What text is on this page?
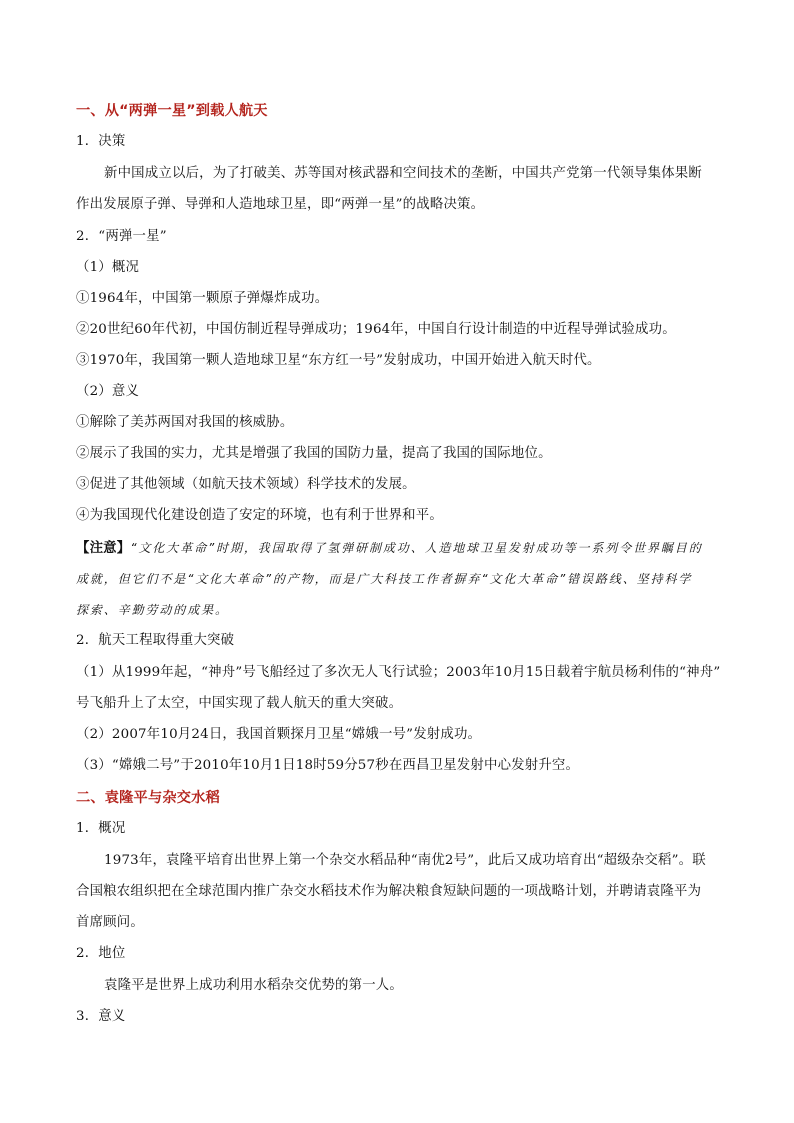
一、从“两弹一星”到载人航天
1．决策
新中国成立以后，为了打破美、苏等国对核武器和空间技术的垄断，中国共产党第一代领导集体果断
作出发展原子弹、导弹和人造地球卫星，即“两弹一星”的战略决策。
2．“两弹一星”
（1）概况
①1964年，中国第一颗原子弹爆炸成功。
②20世纪60年代初，中国仿制近程导弹成功；1964年，中国自行设计制造的中近程导弹试验成功。
③1970年，我国第一颗人造地球卫星“东方红一号”发射成功，中国开始进入航天时代。
（2）意义
①解除了美苏两国对我国的核威胁。
②展示了我国的实力，尤其是增强了我国的国防力量，提高了我国的国际地位。
③促进了其他领域（如航天技术领域）科学技术的发展。
④为我国现代化建设创造了安定的环境，也有利于世界和平。
【注意】“文化大革命”时期，我国取得了氢弹研制成功、人造地球卫星发射成功等一系列令世界瞩目的
成就，但它们不是“文化大革命”的产物，而是广大科技工作者摒弃“文化大革命”错误路线、坚持科学
探索、辛勤劳动的成果。
2．航天工程取得重大突破
（1）从1999年起，“神舟”号飞船经过了多次无人飞行试验；2003年10月15日载着宇航员杨利伟的“神舟”
号飞船升上了太空，中国实现了载人航天的重大突破。
（2）2007年10月24日，我国首颗探月卫星“嫦娥一号”发射成功。
（3）“嫦娥二号”于2010年10月1日18时59分57秒在西昌卫星发射中心发射升空。
二、袁隆平与杂交水稻
1．概况
1973年，袁隆平培育出世界上第一个杂交水稻品种“南优2号”，此后又成功培育出“超级杂交稻”。联
合国粮农组织把在全球范围内推广杂交水稻技术作为解决粮食短缺问题的一项战略计划，并聘请袁隆平为
首席顾问。
2．地位
袁隆平是世界上成功利用水稻杂交优势的第一人。
3．意义
